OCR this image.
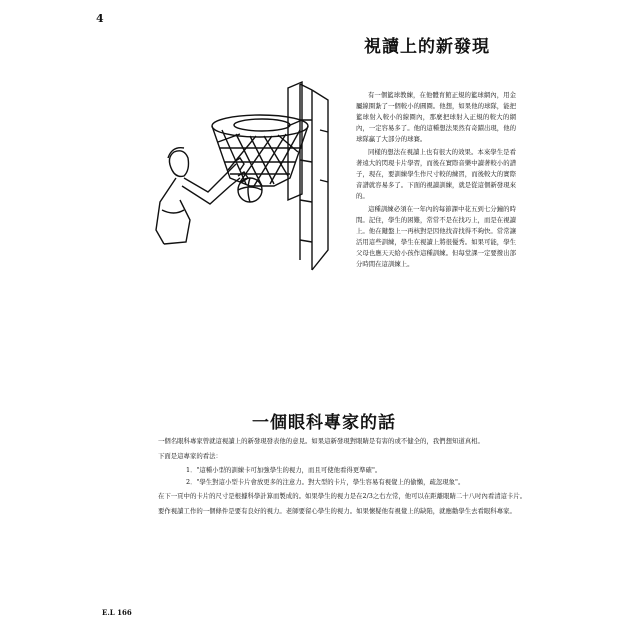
4
視讀上的新發現

有一個籃球教練，在他體育館正規的籃球網內，用金屬線圈紮了一個較小的圓圈。他想，如果他的球隊，能把籃球射入較小的線圈內，那麼把球射入正規的較大的網內，一定容易多了。他的這種想法果然有奇蹟出現，他的球隊贏了大部分的球賽。

同樣的想法在視讀上也有很大的效果。本來學生是看著遠大的閃現卡片學習，而後在實際音樂中讀著較小的譜子，現在，要訓練學生作尺寸較的練習，而後較大的實際音譜就容易多了。下面的視讀訓練，就是從這個新發現來的。

這種訓練必須在一年內的每節課中花五到七分鐘的時間。記住，學生的困難，常常不是在找巧上，而是在視讀上。他在鍵盤上一再核對是因他找音找得不夠快。常常讓活用這些訓練，學生在視讀上將很優秀。如果可能，學生父母也應天天給小孩作這種訓練。但每堂課一定要撥出部分時間在這訓練上。

一個眼科專家的話

一個名眼科專家曾就這視讀上的新發現發表他的意見。如果這新發現對眼睛是有害的或不健全的，我們想知道真相。

下面是這專家的看法：

1．"這種小型的訓練卡可加強學生的視力，而且可使他看得更準確"。
2．"學生對這小型卡片會放更多的注意力。對大型的卡片，學生容易有視覺上的偷懶，疏忽現象"。

在下一頁中的卡片的尺寸是根據科學計算而製成的。如果學生的視力是在2/3之右左常，他可以在距離眼睛二十八吋內看清這卡片。

要作視讀工作的一個條件是要有良好的視力。老師要留心學生的視力。如果懷疑他有視覺上的缺陷，就應勸學生去看眼科專家。

E.L 166
